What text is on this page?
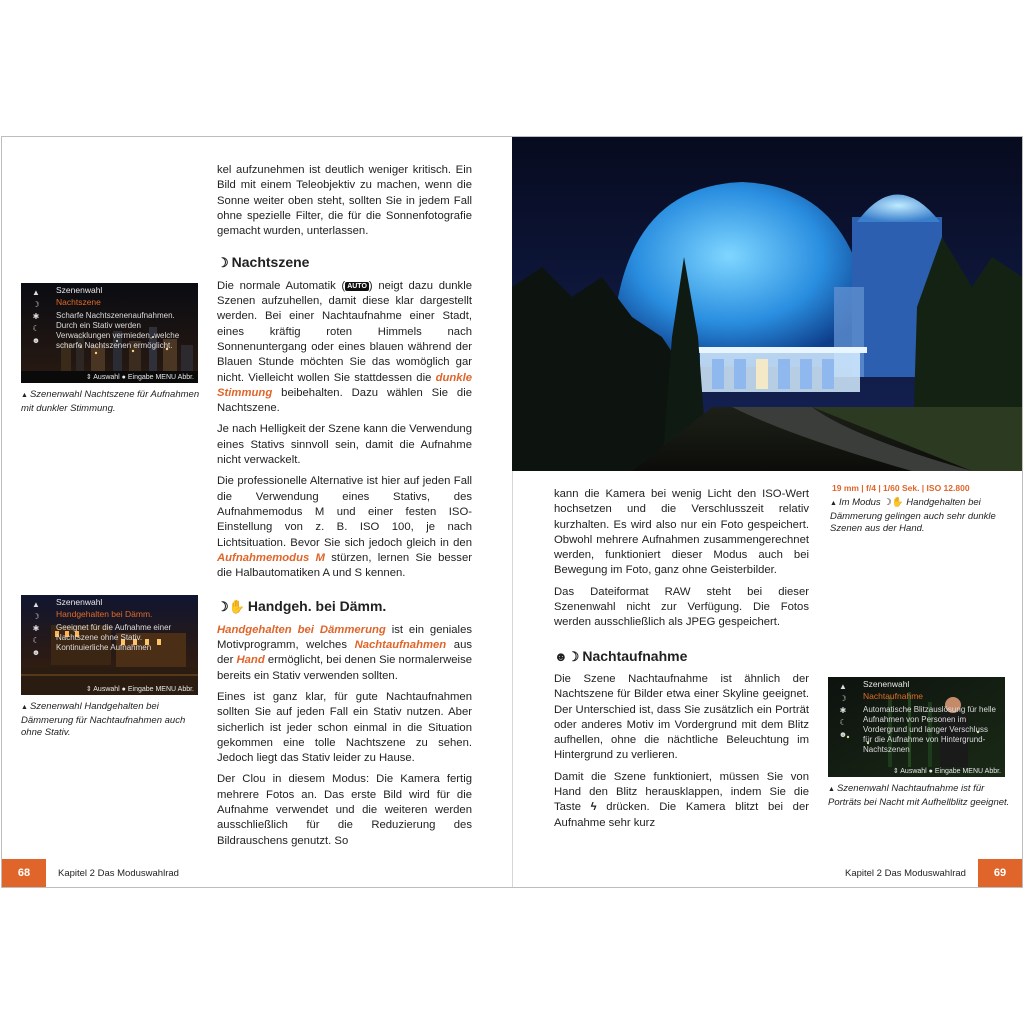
kel aufzunehmen ist deutlich weniger kritisch. Ein Bild mit einem Teleobjektiv zu machen, wenn die Sonne weiter oben steht, sollten Sie in jedem Fall ohne spezielle Filter, die für die Sonnenfotografie gemacht wurden, unterlassen.

☽ Nachtszene

Die normale Automatik ( AUTO ) neigt dazu dunkle Szenen aufzuhellen, damit diese klar dargestellt werden. Bei einer Nachtaufnahme einer Stadt, eines kräftig roten Himmels nach Sonnenuntergang oder eines blauen während der Blauen Stunde möchten Sie das womöglich gar nicht. Vielleicht wollen Sie stattdessen die dunkle Stimmung beibehalten. Dazu wählen Sie die Nachtszene.

Je nach Helligkeit der Szene kann die Verwendung eines Stativs sinnvoll sein, damit die Aufnahme nicht verwackelt.

Die professionelle Alternative ist hier auf jeden Fall die Verwendung eines Stativs, des Aufnahmemodus M und einer festen ISO-Einstellung von z. B. ISO 100, je nach Lichtsituation. Bevor Sie sich jedoch gleich in den Aufnahmemodus M stürzen, lernen Sie besser die Halbautomatiken A und S kennen.

☽✋ Handgeh. bei Dämm.

Handgehalten bei Dämmerung ist ein geniales Motivprogramm, welches Nachtaufnahmen aus der Hand ermöglicht, bei denen Sie normalerweise bereits ein Stativ verwenden sollten.

Eines ist ganz klar, für gute Nachtaufnahmen sollten Sie auf jeden Fall ein Stativ nutzen. Aber sicherlich ist jeder schon einmal in die Situation gekommen eine tolle Nachtszene zu sehen. Jedoch liegt das Stativ leider zu Hause.

Der Clou in diesem Modus: Die Kamera fertig mehrere Fotos an. Das erste Bild wird für die Aufnahme verwendet und die weiteren werden ausschließlich für die Reduzierung des Bildrauschens genutzt. So

▲
☽
✱
☾
☻
Szenenwahl
Nachtszene
Scharfe Nachtszenenaufnahmen. Durch ein Stativ werden Verwacklungen vermieden, welche scharfe Nachtszenen ermöglicht.
⇕ Auswahl ● Eingabe MENU Abbr.
▲ Szenenwahl Nachtszene für Aufnahmen mit dunkler Stimmung.
▲
☽
✱
☾
☻
Szenenwahl
Handgehalten bei Dämm.
Geeignet für die Aufnahme einer Nachtszene ohne Stativ. Kontinuierliche Aufnahmen
⇕ Auswahl ● Eingabe MENU Abbr.
▲ Szenenwahl Handgehalten bei Dämmerung für Nachtaufnahmen auch ohne Stativ.
68	Kapitel 2 Das Moduswahlrad
19 mm | f/4 | 1/60 Sek. | ISO 12.800
▲ Im Modus ☽✋ Handgehalten bei Dämmerung gelingen auch sehr dunkle Szenen aus der Hand.

kann die Kamera bei wenig Licht den ISO-Wert hochsetzen und die Verschlusszeit relativ kurzhalten. Es wird also nur ein Foto gespeichert. Obwohl mehrere Aufnahmen zusammengerechnet werden, funktioniert dieser Modus auch bei Bewegung im Foto, ganz ohne Geisterbilder.

Das Dateiformat RAW steht bei dieser Szenenwahl nicht zur Verfügung. Die Fotos werden ausschließlich als JPEG gespeichert.

☻☽ Nachtaufnahme

Die Szene Nachtaufnahme ist ähnlich der Nachtszene für Bilder etwa einer Skyline geeignet. Der Unterschied ist, dass Sie zusätzlich ein Porträt oder anderes Motiv im Vordergrund mit dem Blitz aufhellen, ohne die nächtliche Beleuchtung im Hintergrund zu verlieren.

Damit die Szene funktioniert, müssen Sie von Hand den Blitz herausklappen, indem Sie die Taste ϟ drücken. Die Kamera blitzt bei der Aufnahme sehr kurz

▲
☽
✱
☾
☻
Szenenwahl
Nachtaufnahme
Automatische Blitzauslösung für helle Aufnahmen von Personen im Vordergrund und langer Verschluss für die Aufnahme von Hintergrund-Nachtszenen
⇕ Auswahl ● Eingabe MENU Abbr.
▲ Szenenwahl Nachtaufnahme ist für Porträts bei Nacht mit Aufhellblitz geeignet.
Kapitel 2 Das Moduswahlrad	69
